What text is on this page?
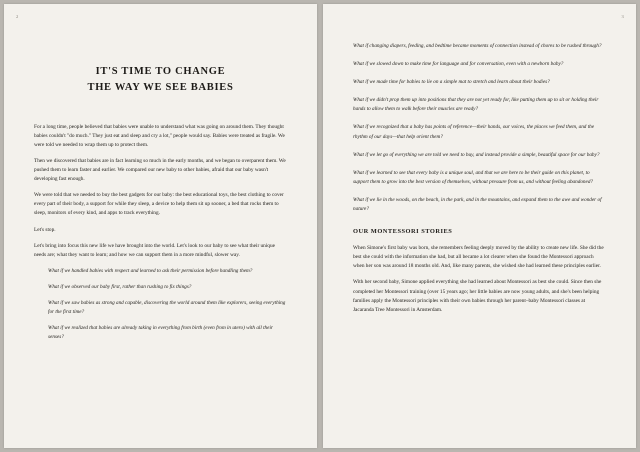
2
IT'S TIME TO CHANGE
THE WAY WE SEE BABIES

For a long time, people believed that babies were unable to understand what was going on around them. They thought babies couldn't "do much." They just eat and sleep and cry a lot," people would say. Babies were treated as fragile. We were told we needed to wrap them up to protect them.

Then we discovered that babies are in fact learning so much in the early months, and we began to overparent them. We pushed them to learn faster and earlier. We compared our new baby to other babies, afraid that our baby wasn't developing fast enough.

We were told that we needed to buy the best gadgets for our baby: the best educational toys, the best clothing to cover every part of their body, a support for while they sleep, a device to help them sit up sooner, a bed that rocks them to sleep, monitors of every kind, and apps to track everything.

Let's stop.

Let's bring into focus this new life we have brought into the world. Let's look to our baby to see what their unique needs are; what they want to learn; and how we can support them in a more mindful, slower way.

What if we handled babies with respect and learned to ask their permission before handling them?

What if we observed our baby first, rather than rushing to fix things?

What if we saw babies as strong and capable, discovering the world around them like explorers, seeing everything for the first time?

What if we realized that babies are already taking in everything from birth (even from in utero) with all their senses?

3

What if changing diapers, feeding, and bedtime became moments of connection instead of chores to be rushed through?

What if we slowed down to make time for language and for conversation, even with a newborn baby?

What if we made time for babies to lie on a simple mat to stretch and learn about their bodies?

What if we didn't prop them up into positions that they are not yet ready for, like putting them up to sit or holding their hands to allow them to walk before their muscles are ready?

What if we recognized that a baby has points of reference—their hands, our voices, the places we feed them, and the rhythm of our days—that help orient them?

What if we let go of everything we are told we need to buy, and instead provide a simple, beautiful space for our baby?

What if we learned to see that every baby is a unique soul, and that we are here to be their guide on this planet, to support them to grow into the best version of themselves, without pressure from us, and without feeling abandoned?

What if we lie in the woods, on the beach, in the park, and in the mountains, and expand them to the awe and wonder of nature?

OUR MONTESSORI STORIES

When Simone's first baby was born, she remembers feeling deeply moved by the ability to create new life. She did the best she could with the information she had, but all became a lot clearer when she found the Montessori approach when her son was around 18 months old. And, like many parents, she wished she had learned these principles earlier.

With her second baby, Simone applied everything she had learned about Montessori as best she could. Since then she completed her Montessori training (over 15 years ago; her little babies are now young adults, and she's been helping families apply the Montessori principles with their own babies through her parent–baby Montessori classes at Jacaranda Tree Montessori in Amsterdam.
